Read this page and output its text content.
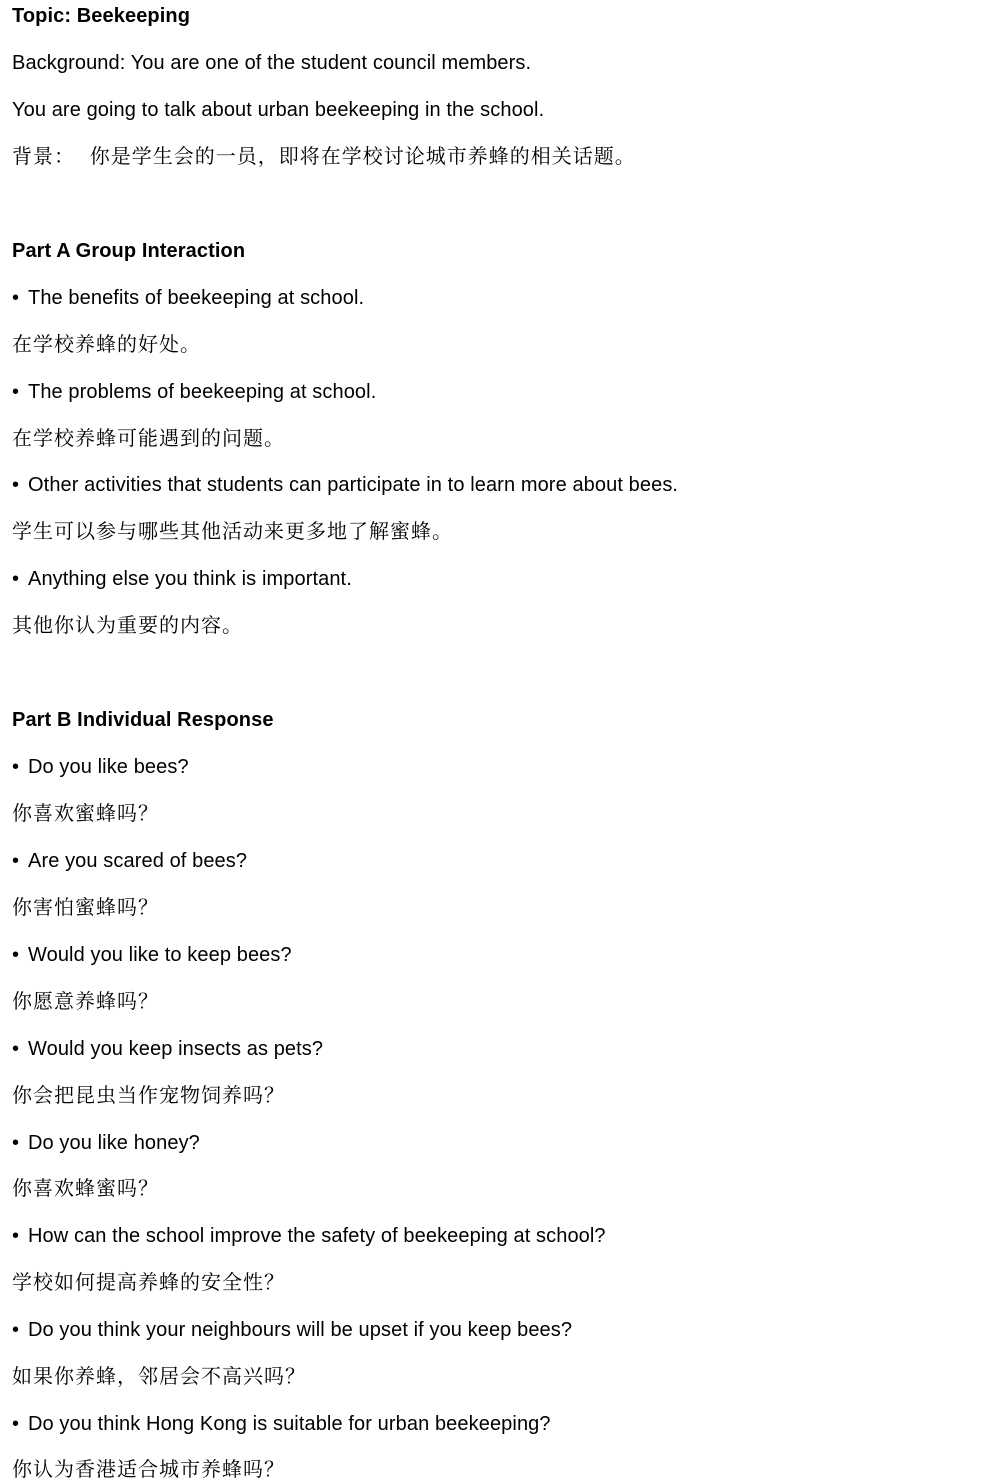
Topic: Beekeeping
Background: You are one of the student council members.
You are going to talk about urban beekeeping in the school.
背景： 你是学生会的一员，即将在学校讨论城市养蜂的相关话题。
Part A Group Interaction
• The benefits of beekeeping at school.
在学校养蜂的好处。
• The problems of beekeeping at school.
在学校养蜂可能遇到的问题。
• Other activities that students can participate in to learn more about bees.
学生可以参与哪些其他活动来更多地了解蜜蜂。
• Anything else you think is important.
其他你认为重要的内容。
Part B Individual Response
• Do you like bees?
你喜欢蜜蜂吗？
• Are you scared of bees?
你害怕蜜蜂吗？
• Would you like to keep bees?
你愿意养蜂吗？
• Would you keep insects as pets?
你会把昆虫当作宠物饲养吗？
• Do you like honey?
你喜欢蜂蜜吗？
• How can the school improve the safety of beekeeping at school?
学校如何提高养蜂的安全性？
• Do you think your neighbours will be upset if you keep bees?
如果你养蜂，邻居会不高兴吗？
• Do you think Hong Kong is suitable for urban beekeeping?
你认为香港适合城市养蜂吗？
